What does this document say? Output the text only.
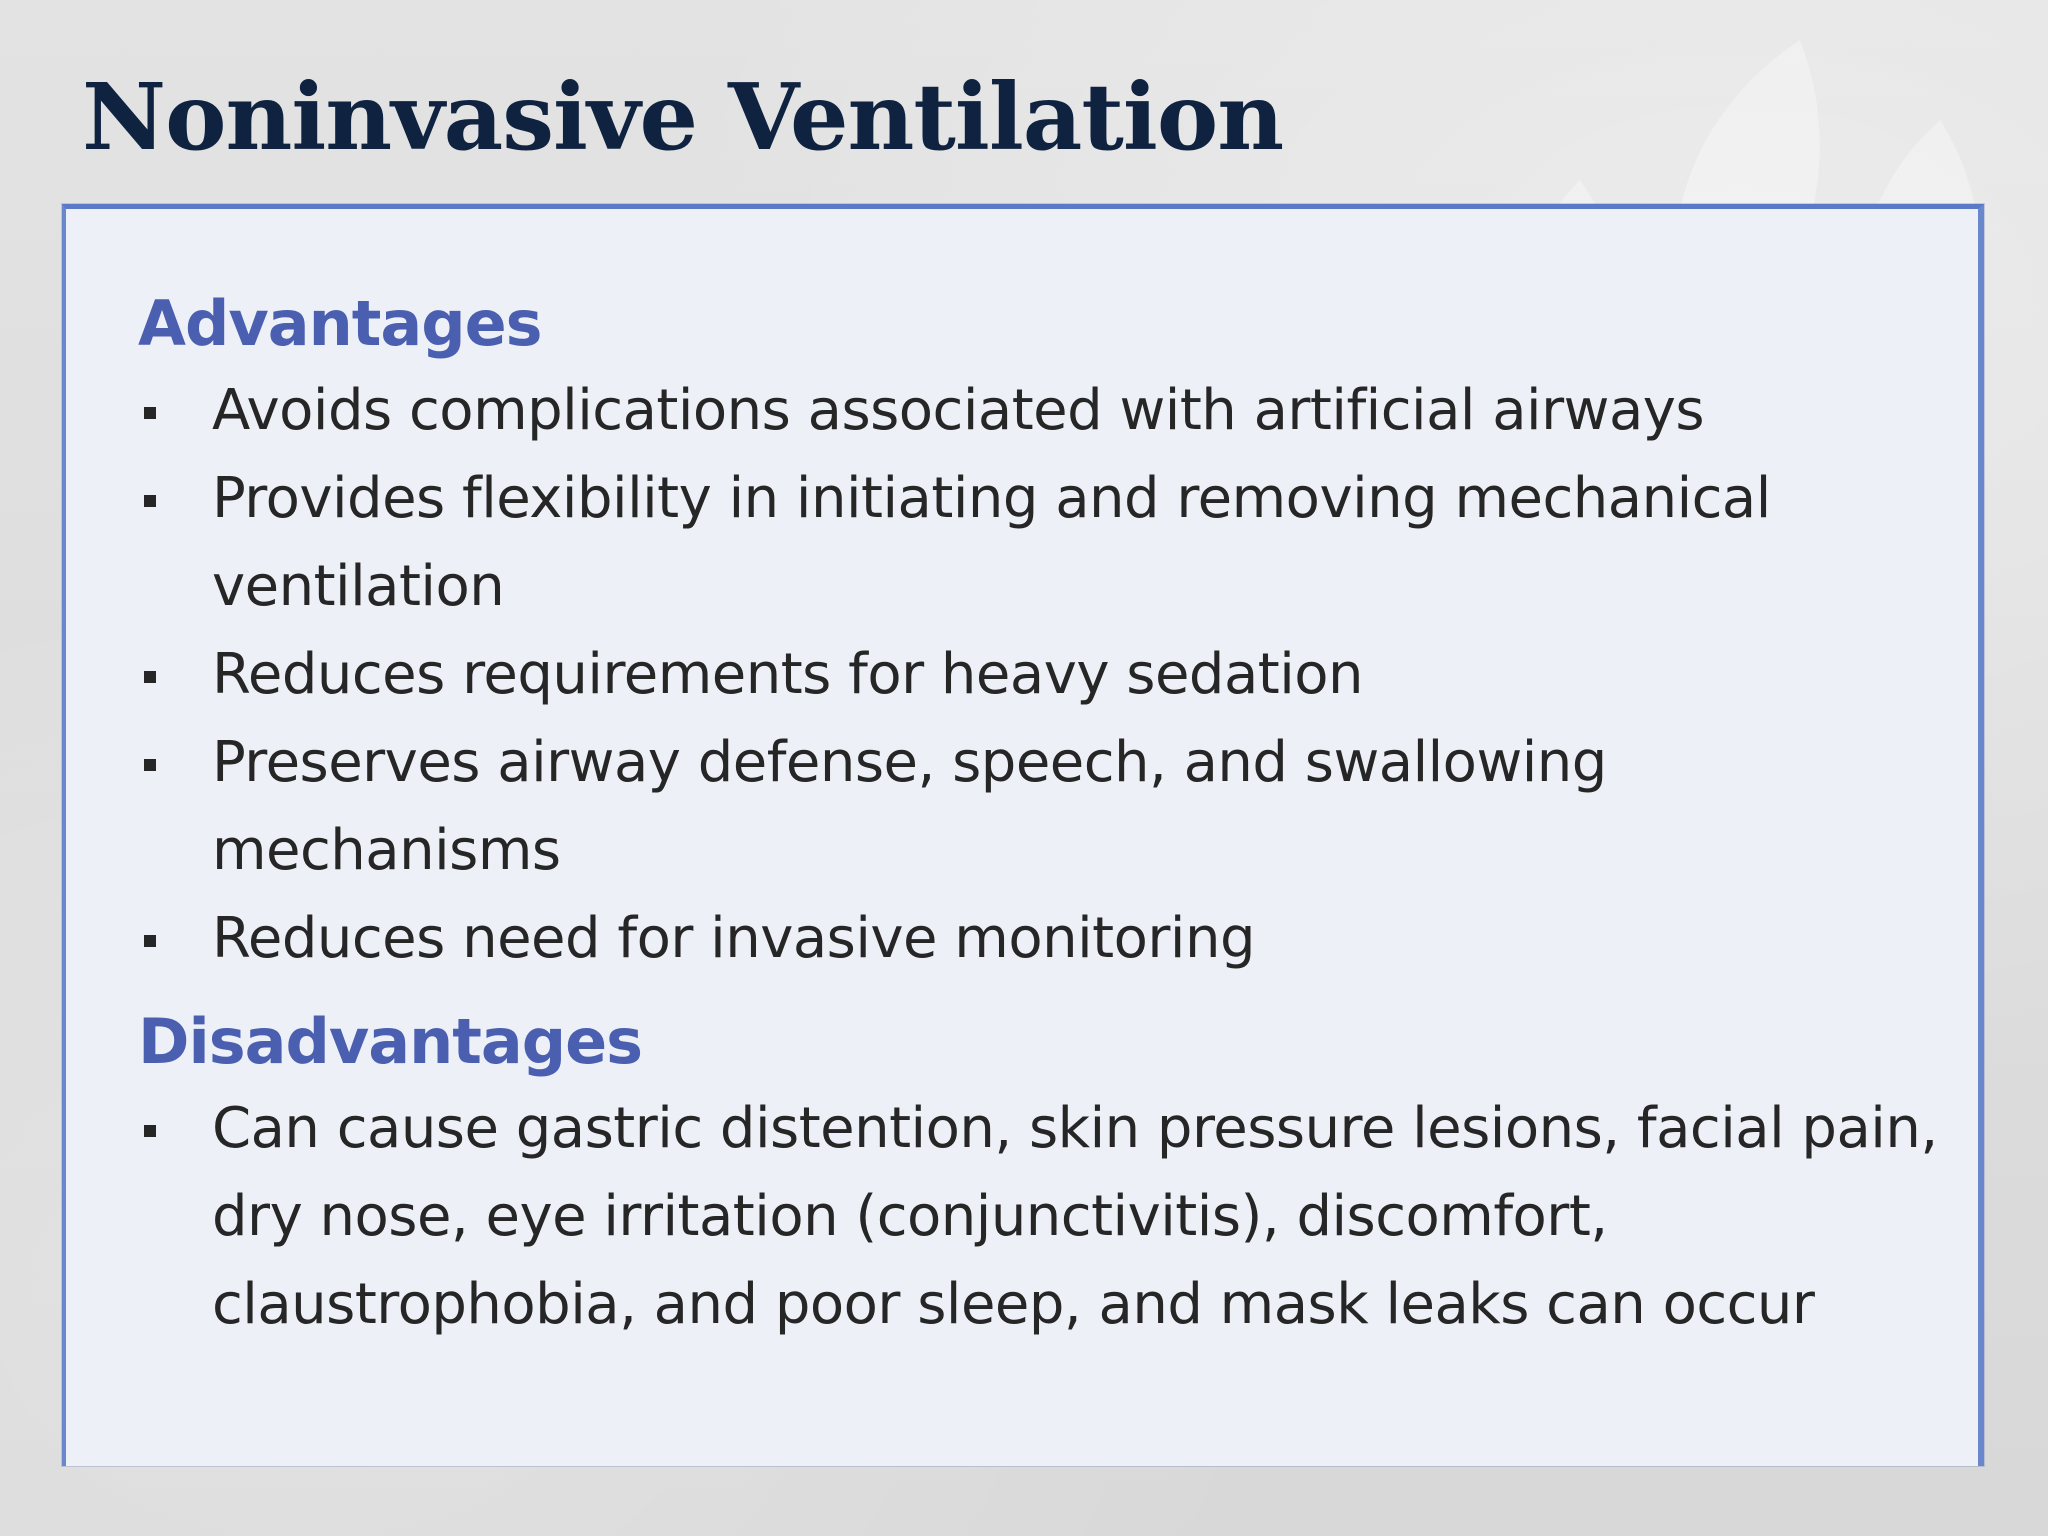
Noninvasive Ventilation
Advantages
Avoids complications associated with artificial airways
Provides flexibility in initiating and removing mechanical ventilation
Reduces requirements for heavy sedation
Preserves airway defense, speech, and swallowing mechanisms
Reduces need for invasive monitoring
Disadvantages
Can cause gastric distention, skin pressure lesions, facial pain, dry nose, eye irritation (conjunctivitis), discomfort, claustrophobia, and poor sleep, and mask leaks can occur
